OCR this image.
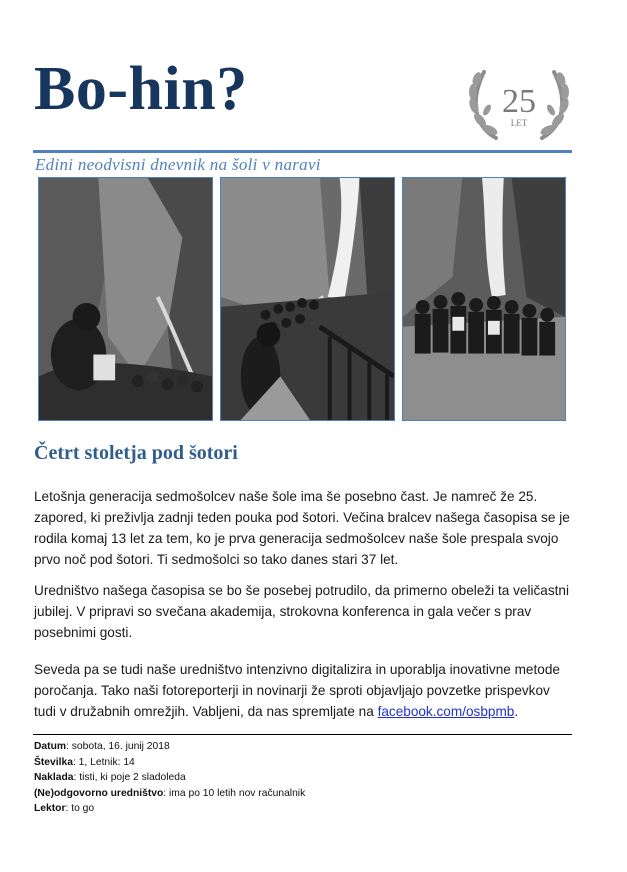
Bo-hin?	25
LET
Edini neodvisni dnevnik na šoli v naravi
Četrt stoletja pod šotori

Letošnja generacija sedmošolcev naše šole ima še posebno čast. Je namreč že 25. zapored, ki preživlja zadnji teden pouka pod šotori. Večina bralcev našega časopisa se je rodila komaj 13 let za tem, ko je prva generacija sedmošolcev naše šole prespala svojo prvo noč pod šotori. Ti sedmošolci so tako danes stari 37 let.

Uredništvo našega časopisa se bo še posebej potrudilo, da primerno obeleži ta veličastni jubilej. V pripravi so svečana akademija, strokovna konferenca in gala večer s prav posebnimi gosti.

Seveda pa se tudi naše uredništvo intenzivno digitalizira in uporablja inovativne metode poročanja. Tako naši fotoreporterji in novinarji že sproti objavljajo povzetke prispevkov tudi v družabnih omrežjih. Vabljeni, da nas spremljate na facebook.com/osbpmb.

Datum: sobota, 16. junij 2018
Številka: 1, Letnik: 14
Naklada: tisti, ki poje 2 sladoleda
(Ne)odgovorno uredništvo: ima po 10 letih nov računalnik
Lektor: to go
